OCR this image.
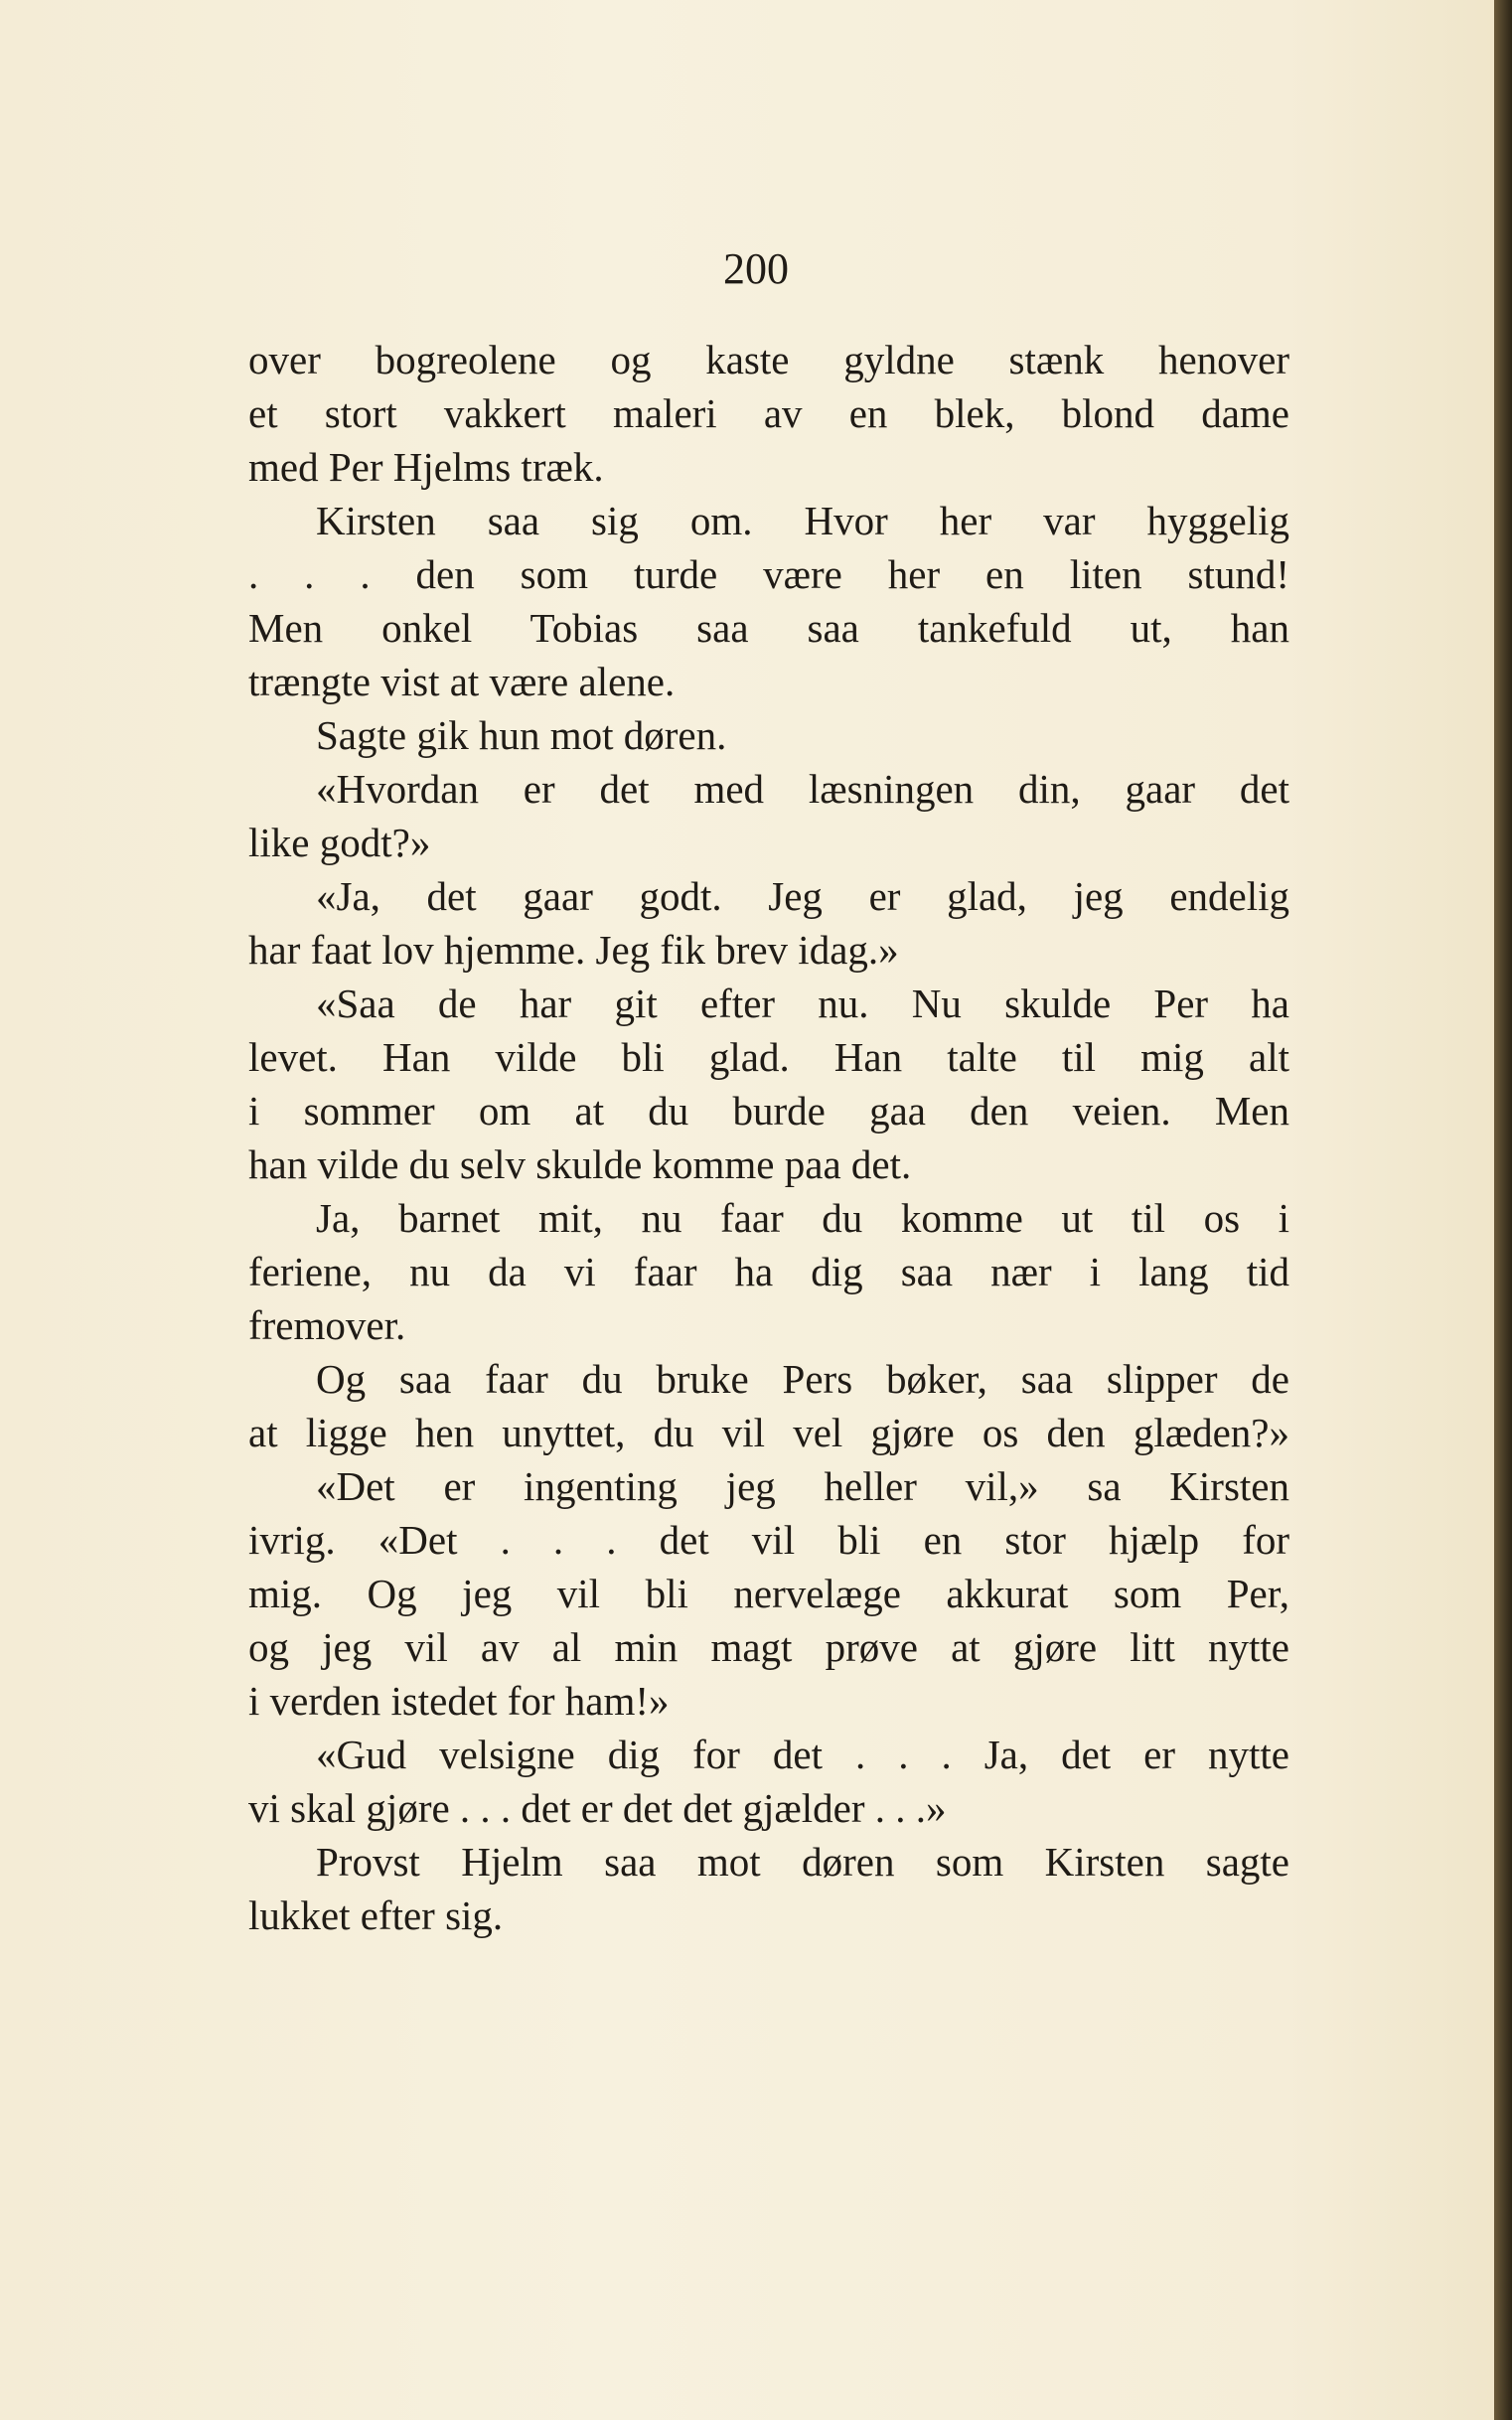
200
over bogreolene og kaste gyldne stænk henover
et stort vakkert maleri av en blek, blond dame
med Per Hjelms træk.
Kirsten saa sig om. Hvor her var hyggelig
. . . den som turde være her en liten stund!
Men onkel Tobias saa saa tankefuld ut, han
trængte vist at være alene.
Sagte gik hun mot døren.
«Hvordan er det med læsningen din, gaar det
like godt?»
«Ja, det gaar godt. Jeg er glad, jeg endelig
har faat lov hjemme. Jeg fik brev idag.»
«Saa de har git efter nu. Nu skulde Per ha
levet. Han vilde bli glad. Han talte til mig alt
i sommer om at du burde gaa den veien. Men
han vilde du selv skulde komme paa det.
Ja, barnet mit, nu faar du komme ut til os i
feriene, nu da vi faar ha dig saa nær i lang tid
fremover.
Og saa faar du bruke Pers bøker, saa slipper de
at ligge hen unyttet, du vil vel gjøre os den glæden?»
«Det er ingenting jeg heller vil,» sa Kirsten
ivrig. «Det . . . det vil bli en stor hjælp for
mig. Og jeg vil bli nervelæge akkurat som Per,
og jeg vil av al min magt prøve at gjøre litt nytte
i verden istedet for ham!»
«Gud velsigne dig for det . . . Ja, det er nytte
vi skal gjøre . . . det er det det gjælder . . .»
Provst Hjelm saa mot døren som Kirsten sagte
lukket efter sig.
